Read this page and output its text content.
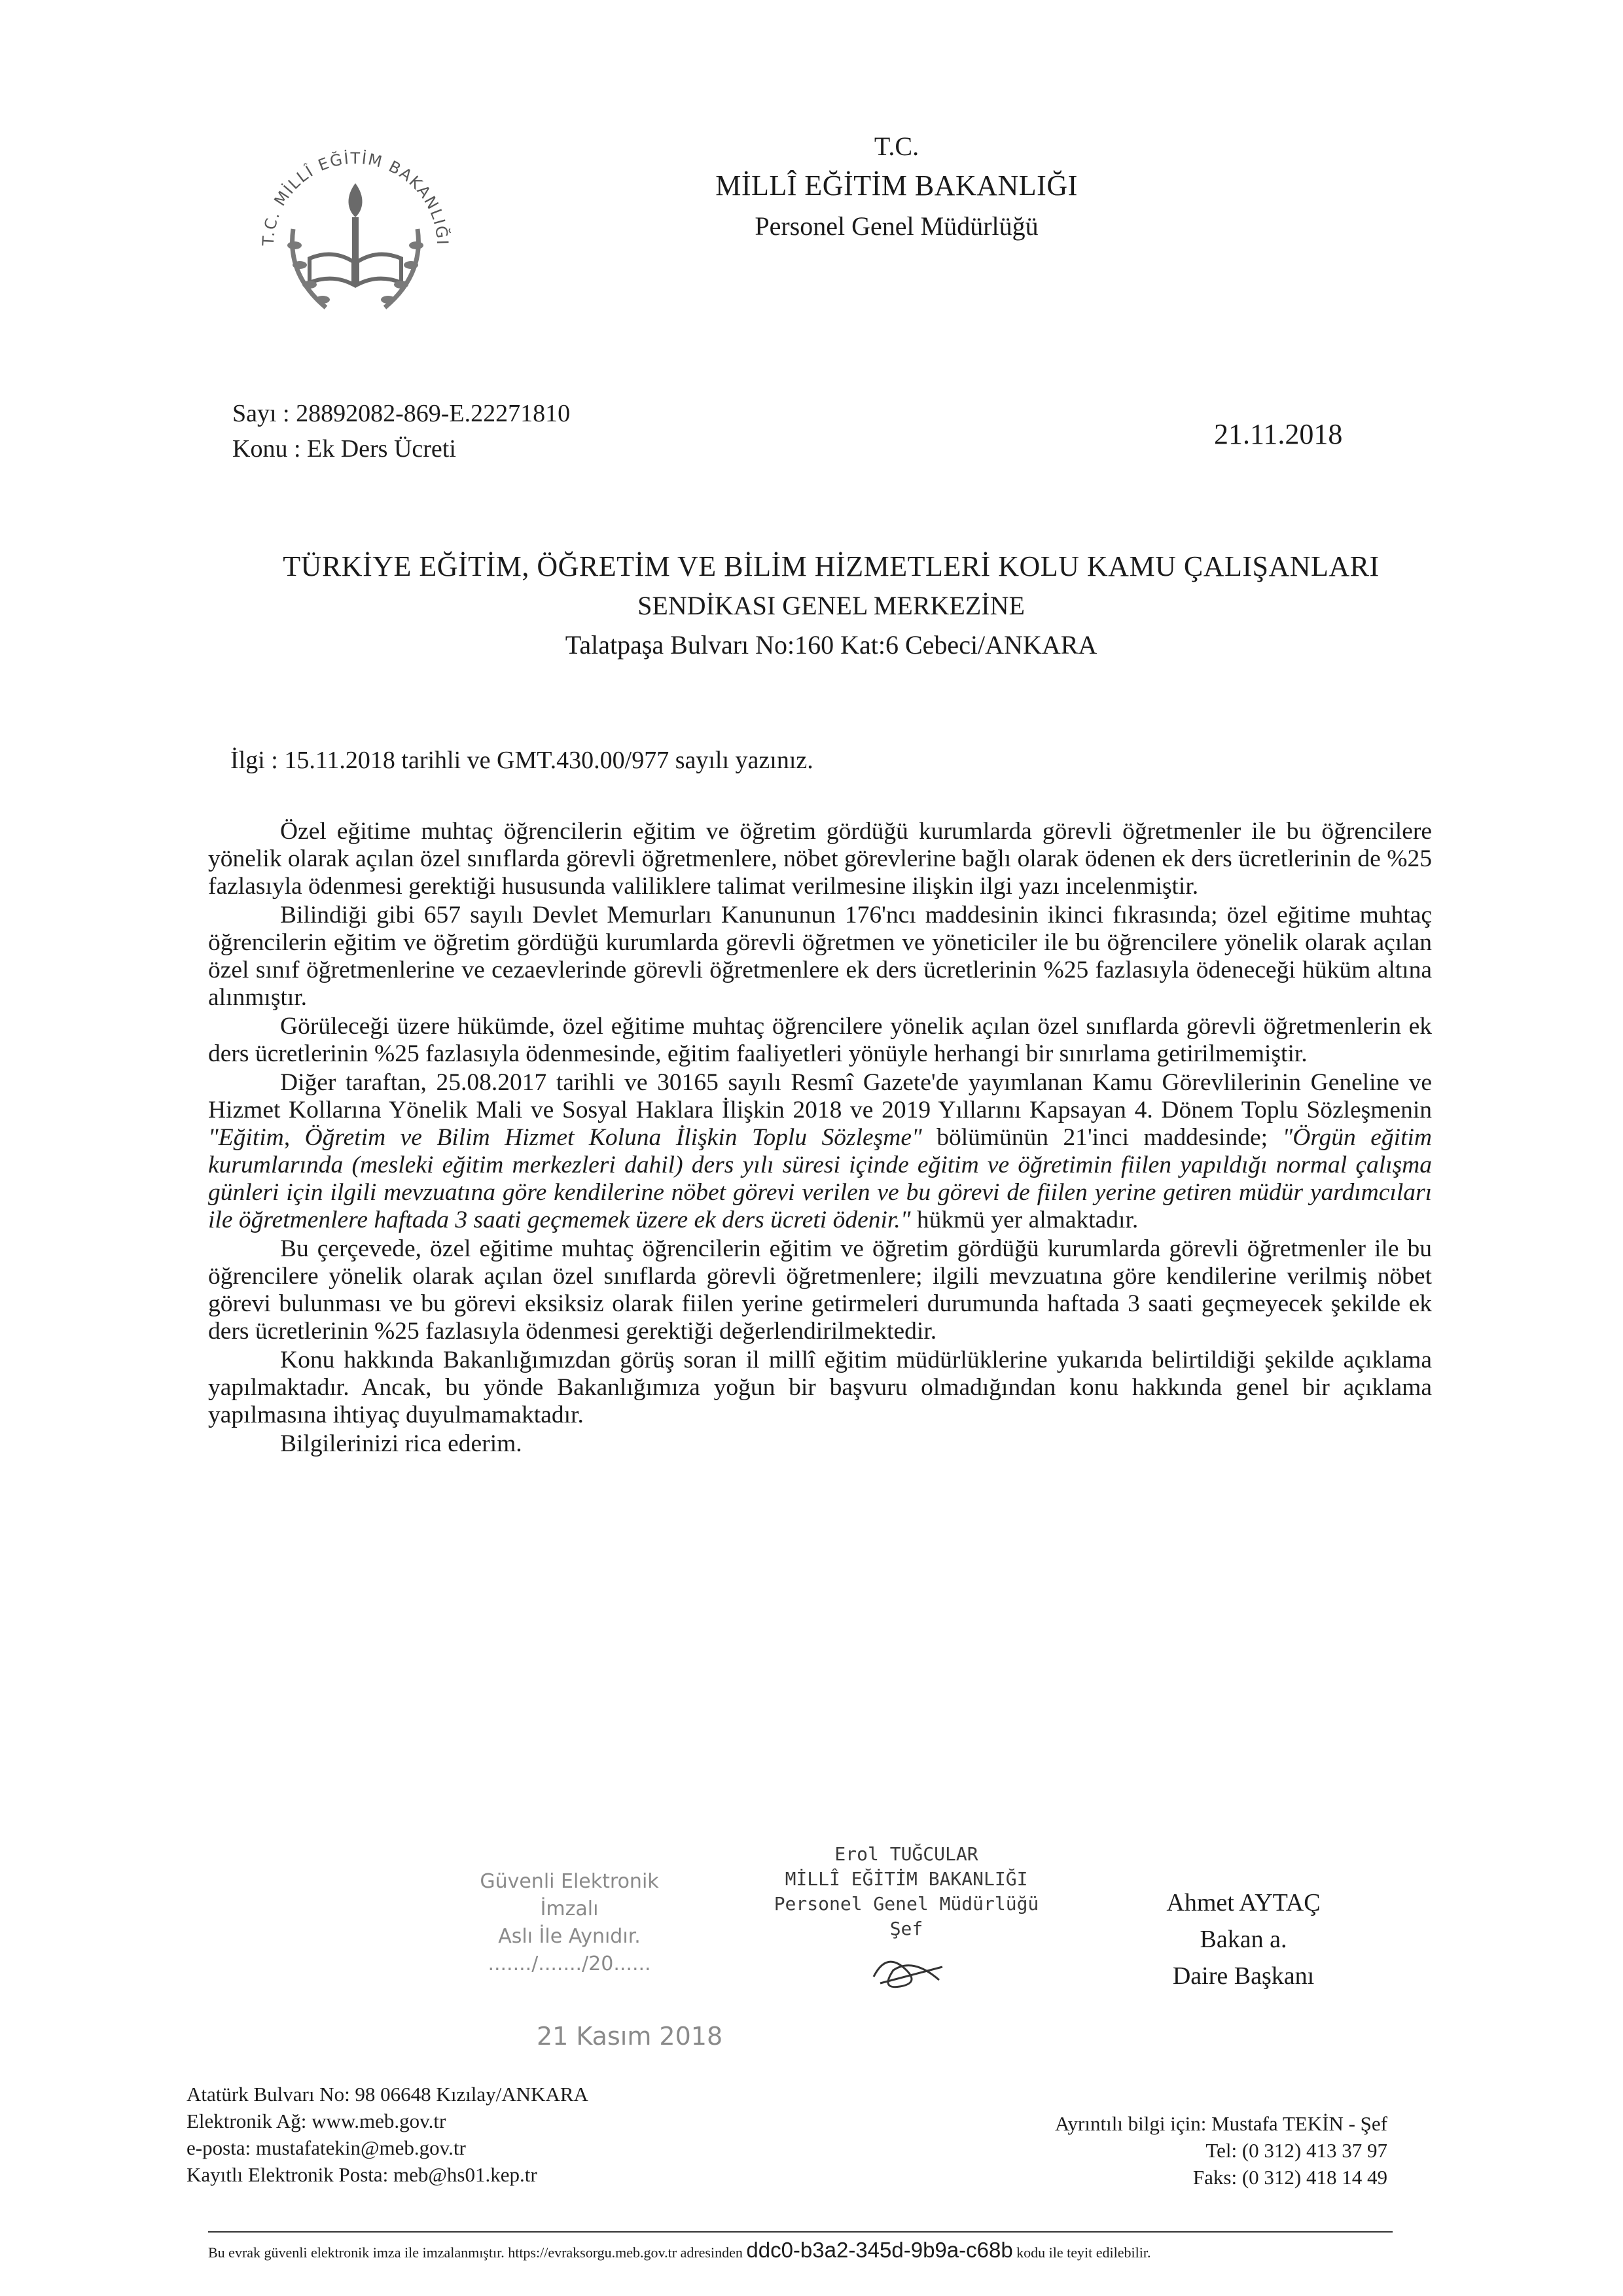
T.C. MİLLÎ EĞİTİM BAKANLIĞI
T.C.
MİLLÎ EĞİTİM BAKANLIĞI
Personel Genel Müdürlüğü
Sayı : 28892082-869-E.22271810
Konu : Ek Ders Ücreti	21.11.2018
TÜRKİYE EĞİTİM, ÖĞRETİM VE BİLİM HİZMETLERİ KOLU KAMU ÇALIŞANLARI
SENDİKASI GENEL MERKEZİNE
Talatpaşa Bulvarı No:160 Kat:6 Cebeci/ANKARA
İlgi : 15.11.2018 tarihli ve GMT.430.00/977 sayılı yazınız.

Özel eğitime muhtaç öğrencilerin eğitim ve öğretim gördüğü kurumlarda görevli öğretmenler ile bu öğrencilere yönelik olarak açılan özel sınıflarda görevli öğretmenlere, nöbet görevlerine bağlı olarak ödenen ek ders ücretlerinin de %25 fazlasıyla ödenmesi gerektiği hususunda valiliklere talimat verilmesine ilişkin ilgi yazı incelenmiştir.

Bilindiği gibi 657 sayılı Devlet Memurları Kanununun 176'ncı maddesinin ikinci fıkrasında; özel eğitime muhtaç öğrencilerin eğitim ve öğretim gördüğü kurumlarda görevli öğretmen ve yöneticiler ile bu öğrencilere yönelik olarak açılan özel sınıf öğretmenlerine ve cezaevlerinde görevli öğretmenlere ek ders ücretlerinin %25 fazlasıyla ödeneceği hüküm altına alınmıştır.

Görüleceği üzere hükümde, özel eğitime muhtaç öğrencilere yönelik açılan özel sınıflarda görevli öğretmenlerin ek ders ücretlerinin %25 fazlasıyla ödenmesinde, eğitim faaliyetleri yönüyle herhangi bir sınırlama getirilmemiştir.

Diğer taraftan, 25.08.2017 tarihli ve 30165 sayılı Resmî Gazete'de yayımlanan Kamu Görevlilerinin Geneline ve Hizmet Kollarına Yönelik Mali ve Sosyal Haklara İlişkin 2018 ve 2019 Yıllarını Kapsayan 4. Dönem Toplu Sözleşmenin "Eğitim, Öğretim ve Bilim Hizmet Koluna İlişkin Toplu Sözleşme" bölümünün 21'inci maddesinde; "Örgün eğitim kurumlarında (mesleki eğitim merkezleri dahil) ders yılı süresi içinde eğitim ve öğretimin fiilen yapıldığı normal çalışma günleri için ilgili mevzuatına göre kendilerine nöbet görevi verilen ve bu görevi de fiilen yerine getiren müdür yardımcıları ile öğretmenlere haftada 3 saati geçmemek üzere ek ders ücreti ödenir." hükmü yer almaktadır.

Bu çerçevede, özel eğitime muhtaç öğrencilerin eğitim ve öğretim gördüğü kurumlarda görevli öğretmenler ile bu öğrencilere yönelik olarak açılan özel sınıflarda görevli öğretmenlere; ilgili mevzuatına göre kendilerine verilmiş nöbet görevi bulunması ve bu görevi eksiksiz olarak fiilen yerine getirmeleri durumunda haftada 3 saati geçmeyecek şekilde ek ders ücretlerinin %25 fazlasıyla ödenmesi gerektiği değerlendirilmektedir.

Konu hakkında Bakanlığımızdan görüş soran il millî eğitim müdürlüklerine yukarıda belirtildiği şekilde açıklama yapılmaktadır. Ancak, bu yönde Bakanlığımıza yoğun bir başvuru olmadığından konu hakkında genel bir açıklama yapılmasına ihtiyaç duyulmamaktadır.

Bilgilerinizi rica ederim.

Güvenli Elektronik İmzalı
Aslı İle Aynıdır.
......./......./20......
21 Kasım 2018
Erol TUĞCULAR
MİLLÎ EĞİTİM BAKANLIĞI
Personel Genel Müdürlüğü
Şef
Ahmet AYTAÇ
Bakan a.
Daire Başkanı
Atatürk Bulvarı No: 98 06648 Kızılay/ANKARA
Elektronik Ağ: www.meb.gov.tr
e-posta: mustafatekin@meb.gov.tr
Kayıtlı Elektronik Posta: meb@hs01.kep.tr
Ayrıntılı bilgi için: Mustafa TEKİN - Şef
Tel: (0 312) 413 37 97
Faks: (0 312) 418 14 49
Bu evrak güvenli elektronik imza ile imzalanmıştır. https://evraksorgu.meb.gov.tr adresinden ddc0-b3a2-345d-9b9a-c68b kodu ile teyit edilebilir.
